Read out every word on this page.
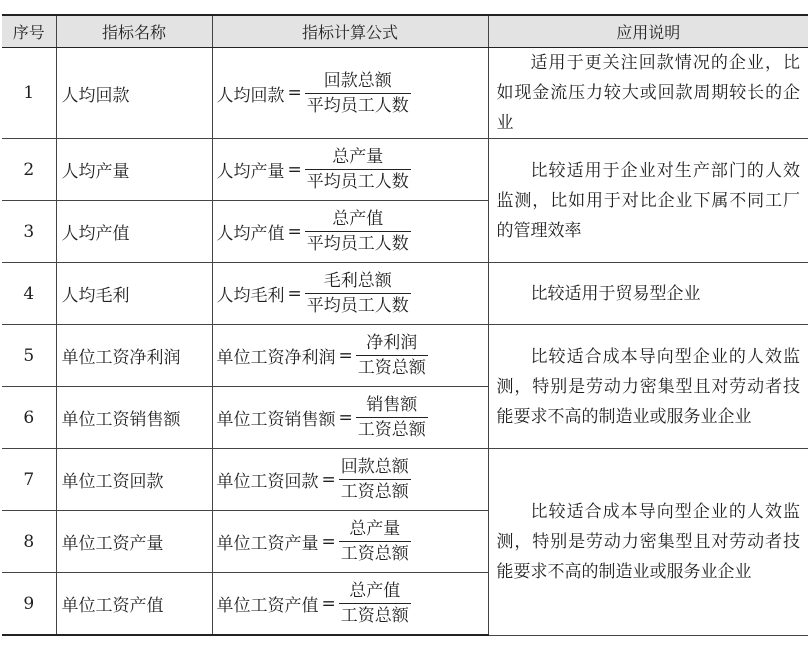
序号	指标名称	指标计算公式	应用说明
1	人均回款	人均回款 = $\frac{\text{回款总额}}{\text{平均员工人数}}$	适用于更关注回款情况的企业，比如现金流压力较大或回款周期较长的企业
2	人均产量	人均产量 = $\frac{\text{总产量}}{\text{平均员工人数}}$	比较适用于企业对生产部门的人效监测，比如用于对比企业下属不同工厂的管理效率
3	人均产值	人均产值 = $\frac{\text{总产值}}{\text{平均员工人数}}$

4	人均毛利	人均毛利 = $\frac{\text{毛利总额}}{\text{平均员工人数}}$	比较适用于贸易型企业
5	单位工资净利润	单位工资净利润 = $\frac{\text{净利润}}{\text{工资总额}}$	比较适合成本导向型企业的人效监测，特别是劳动力密集型且对劳动者技能要求不高的制造业或服务业企业
6	单位工资销售额	单位工资销售额 = $\frac{\text{销售额}}{\text{工资总额}}$

7	单位工资回款	单位工资回款 = $\frac{\text{回款总额}}{\text{工资总额}}$	比较适合成本导向型企业的人效监测，特别是劳动力密集型且对劳动者技能要求不高的制造业或服务业企业
8	单位工资产量	单位工资产量 = $\frac{\text{总产量}}{\text{工资总额}}$

9	单位工资产值	单位工资产值 = $\frac{\text{总产值}}{\text{工资总额}}$
